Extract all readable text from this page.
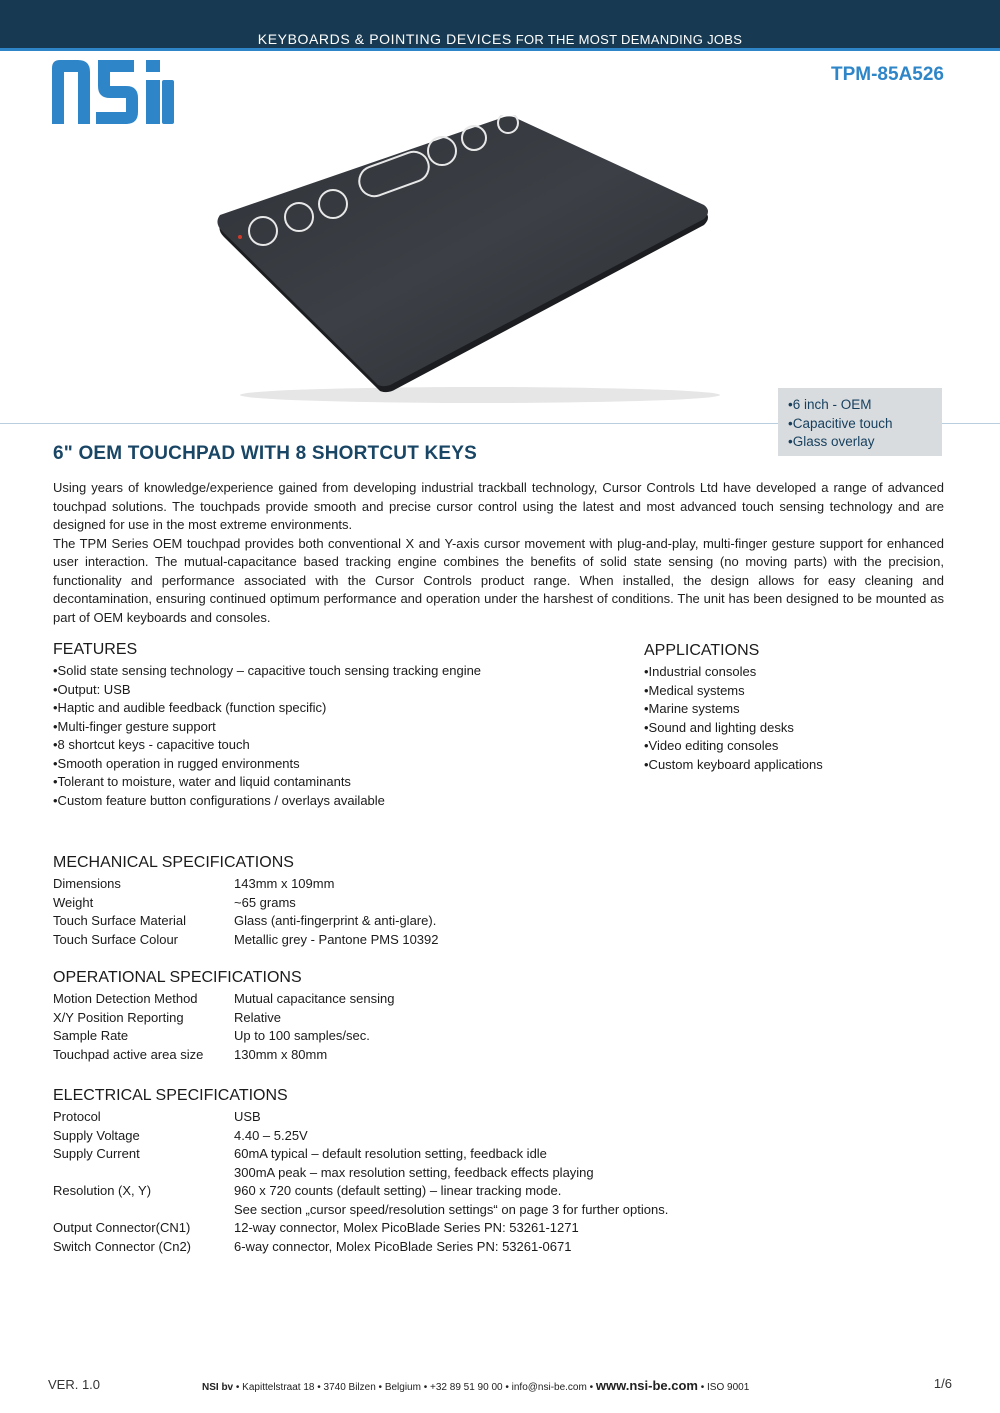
KEYBOARDS & POINTING DEVICES FOR THE MOST DEMANDING JOBS
TPM-85A526
•6 inch - OEM
•Capacitive touch
•Glass overlay
6" OEM TOUCHPAD WITH 8 SHORTCUT KEYS

Using years of knowledge/experience gained from developing industrial trackball technology, Cursor Controls Ltd have developed a range of advanced touchpad solutions. The touchpads provide smooth and precise cursor control using the latest and most advanced touch sensing technology and are designed for use in the most extreme environments.

The TPM Series OEM touchpad provides both conventional X and Y-axis cursor movement with plug-and-play, multi-finger gesture support for enhanced user interaction. The mutual-capacitance based tracking engine combines the benefits of solid state sensing (no moving parts) with the precision, functionality and performance associated with the Cursor Controls product range. When installed, the design allows for easy cleaning and decontamination, ensuring continued optimum performance and operation under the harshest of conditions. The unit has been designed to be mounted as part of OEM keyboards and consoles.

FEATURES
•Solid state sensing technology – capacitive touch sensing tracking engine
•Output: USB
•Haptic and audible feedback (function specific)
•Multi-finger gesture support
•8 shortcut keys - capacitive touch
•Smooth operation in rugged environments
•Tolerant to moisture, water and liquid contaminants
•Custom feature button configurations / overlays available
APPLICATIONS
•Industrial consoles
•Medical systems
•Marine systems
•Sound and lighting desks
•Video editing consoles
•Custom keyboard applications
MECHANICAL SPECIFICATIONS
Dimensions	143mm x 109mm
Weight	~65 grams
Touch Surface Material	Glass (anti-fingerprint & anti-glare).
Touch Surface Colour	Metallic grey - Pantone PMS 10392
OPERATIONAL SPECIFICATIONS
Motion Detection Method	Mutual capacitance sensing
X/Y Position Reporting	Relative
Sample Rate	Up to 100 samples/sec.
Touchpad active area size	130mm x 80mm
ELECTRICAL SPECIFICATIONS
Protocol	USB
Supply Voltage	4.40 – 5.25V
Supply Current	60mA typical – default resolution setting, feedback idle
300mA peak – max resolution setting, feedback effects playing
Resolution (X, Y)	960 x 720 counts (default setting) – linear tracking mode.
See section „cursor speed/resolution settings“ on page 3 for further options.
Output Connector(CN1)	12-way connector, Molex PicoBlade Series PN: 53261-1271
Switch Connector (Cn2)	6-way connector, Molex PicoBlade Series PN: 53261-0671
VER. 1.0	NSI bv • Kapittelstraat 18 • 3740 Bilzen • Belgium • +32 89 51 90 00 • info@nsi-be.com • www.nsi-be.com • ISO 9001	1/6
